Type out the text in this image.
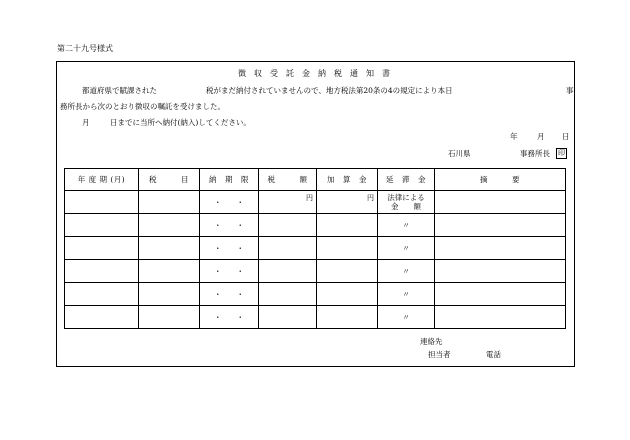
第二十九号様式
徴　収　受　託　金　納　税　通　知　書
都道府県で賦課された	税がまだ納付されていませんので、地方税法第20条の4の規定により本日	事
務所長から次のとおり徴収の嘱託を受けました。
月	日までに当所へ納付(納入)してください。
年	月 日
石川県	事務所長 印
年 度 期 (月)	税　　　目	納　期　限	税　　　額	加　算　金	延　滞　金	摘　　　要
		・　　・	円	円	法律による
金　　額	

		・　　・			〃	
		・　　・			〃	
		・　　・			〃	
		・　　・			〃	
		・　　・			〃	
連絡先
担当者	電話
